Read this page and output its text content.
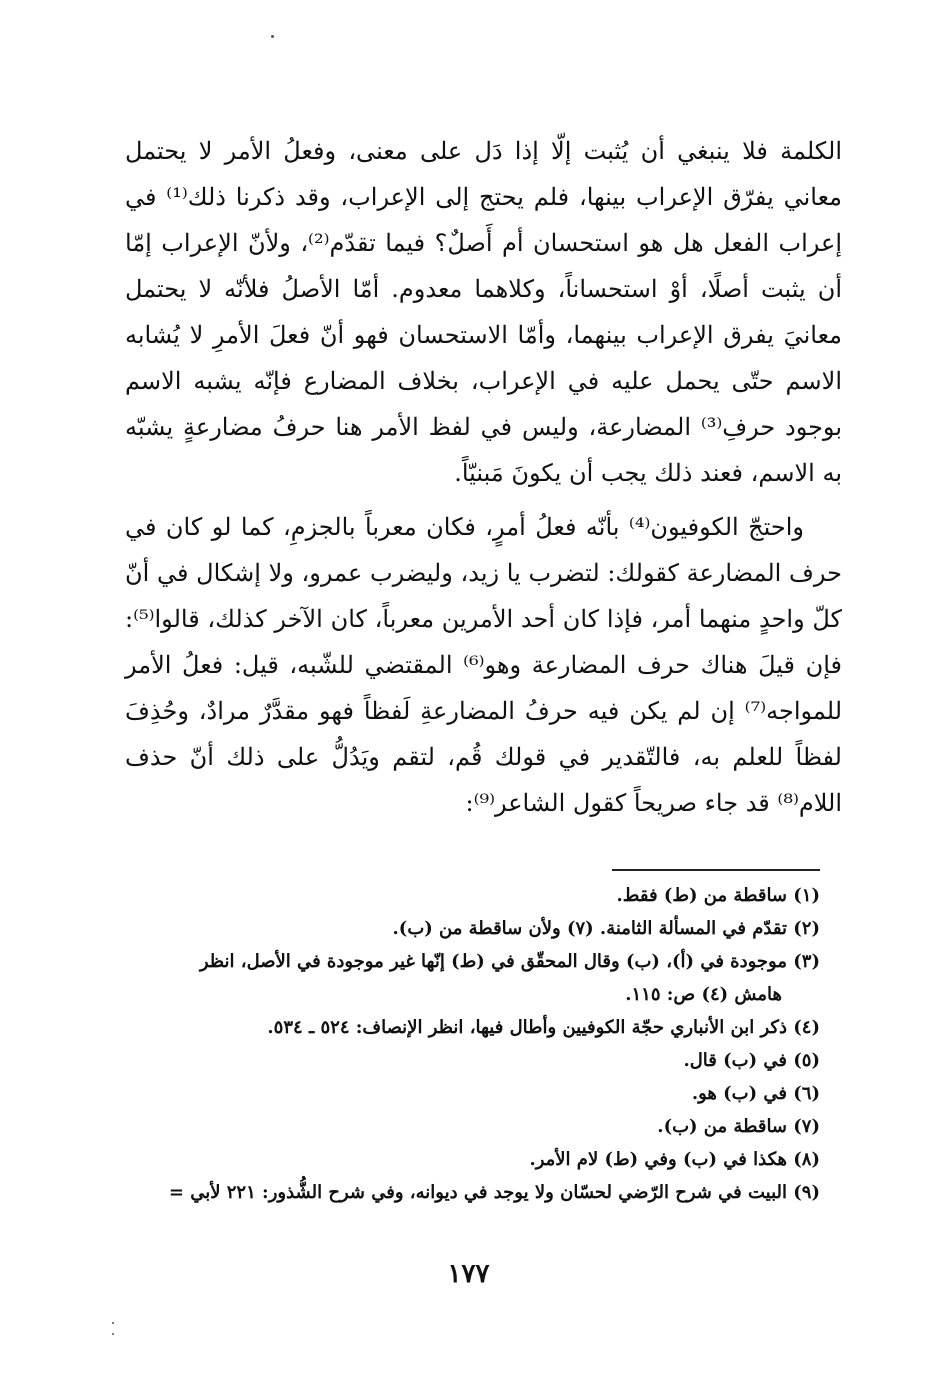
الكلمة فلا ينبغي أن يُثبت إلّا إذا دَل على معنى، وفعلُ الأمر لا يحتمل معاني يفرّق الإعراب بينها، فلم يحتج إلى الإعراب، وقد ذكرنا ذلك⁽¹⁾ في إعراب الفعل هل هو استحسان أم أَصلٌ؟ فيما تقدّم⁽²⁾، ولأنّ الإعراب إمّا أن يثبت أصلًا، أوْ استحساناً، وكلاهما معدوم. أمّا الأصلُ فلأنّه لا يحتمل معانيَ يفرق الإعراب بينهما، وأمّا الاستحسان فهو أنّ فعلَ الأمرِ لا يُشابه الاسم حتّى يحمل عليه في الإعراب، بخلاف المضارع فإنّه يشبه الاسم بوجود حرفِ⁽³⁾ المضارعة، وليس في لفظ الأمر هنا حرفُ مضارعةٍ يشبّه به الاسم، فعند ذلك يجب أن يكونَ مَبنيّاً.

واحتجّ الكوفيون⁽⁴⁾ بأنّه فعلُ أمرٍ، فكان معرباً بالجزمِ، كما لو كان في حرف المضارعة كقولك: لتضرب يا زيد، وليضرب عمرو، ولا إشكال في أنّ كلّ واحدٍ منهما أمر، فإذا كان أحد الأمرين معرباً، كان الآخر كذلك، قالوا⁽⁵⁾: فإن قيلَ هناك حرف المضارعة وهو⁽⁶⁾ المقتضي للشّبه، قيل: فعلُ الأمر للمواجه⁽⁷⁾ إن لم يكن فيه حرفُ المضارعةِ لَفظاً فهو مقدَّرٌ مرادٌ، وحُذِفَ لفظاً للعلم به، فالتّقدير في قولك قُم، لتقم ويَدُلُّ على ذلك أنّ حذف اللام⁽⁸⁾ قد جاء صريحاً كقول الشاعر⁽⁹⁾:

(١) ساقطة من (ط) فقط.

(٢) تقدّم في المسألة الثامنة. (٧) ولأن ساقطة من (ب).

(٣) موجودة في (أ)، (ب) وقال المحقّق في (ط) إنّها غير موجودة في الأصل، انظر
هامش (٤) ص: ١١٥.

(٤) ذكر ابن الأنباري حجّة الكوفيين وأطال فيها، انظر الإنصاف: ٥٢٤ ـ ٥٣٤.

(٥) في (ب) قال.

(٦) في (ب) هو.

(٧) ساقطة من (ب).

(٨) هكذا في (ب) وفي (ط) لام الأمر.

(٩) البيت في شرح الرّضي لحسّان ولا يوجد في ديوانه، وفي شرح الشُّذور: ٢٢١ لأبي =

١٧٧
